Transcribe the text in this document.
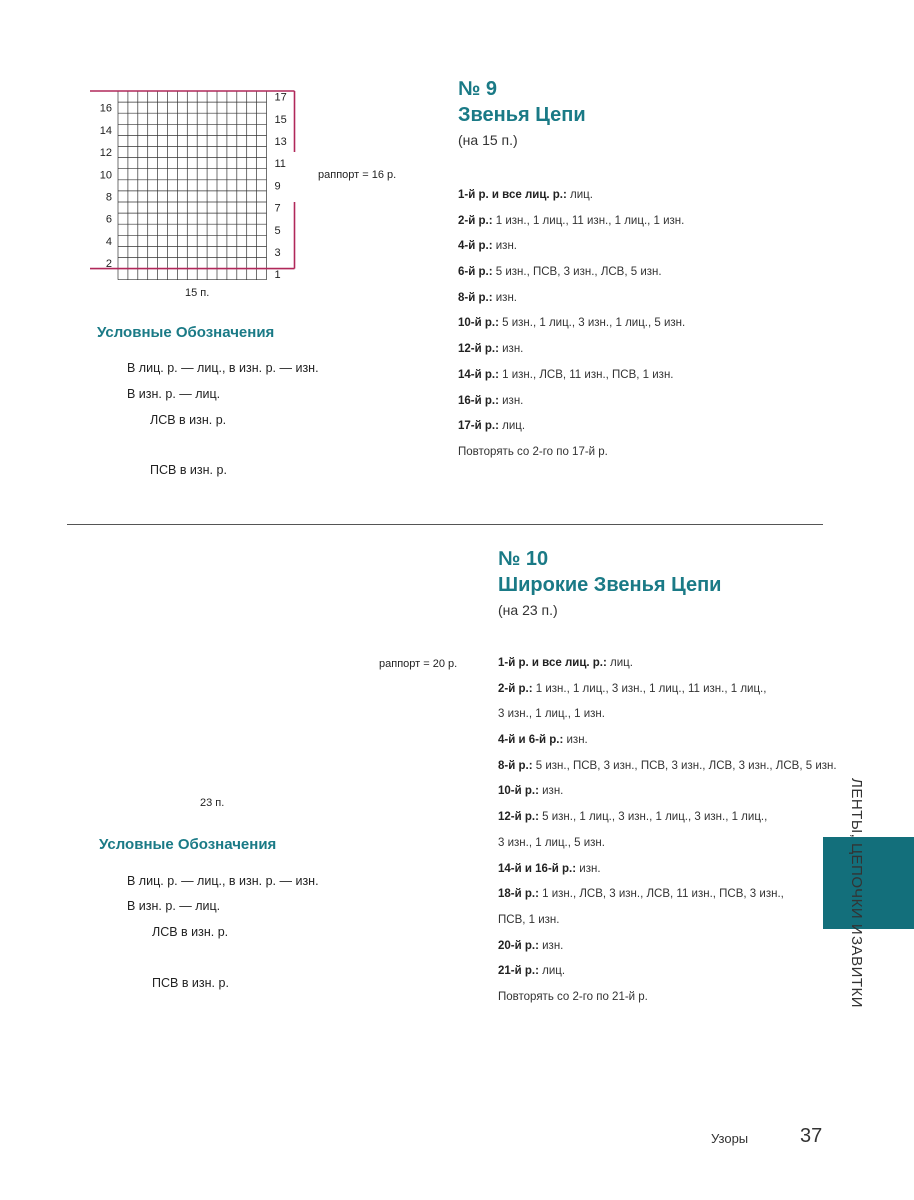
17
15
13
11
9
7
5
3
1
16
14
12
10
8
6
4
2
15 п.
раппорт = 16 р.
№ 9
Звенья Цепи
(на 15 п.)
1-й р. и все лиц. р.: лиц.
2-й р.: 1 изн., 1 лиц., 11 изн., 1 лиц., 1 изн.
4-й р.: изн.
6-й р.: 5 изн., ПСВ, 3 изн., ЛСВ, 5 изн.
8-й р.: изн.
10-й р.: 5 изн., 1 лиц., 3 изн., 1 лиц., 5 изн.
12-й р.: изн.
14-й р.: 1 изн., ЛСВ, 11 изн., ПСВ, 1 изн.
16-й р.: изн.
17-й р.: лиц.
Повторять со 2-го по 17-й р.
Условные Обозначения
В лиц. р. — лиц., в изн. р. — изн.
В изн. р. — лиц.
ЛСВ в изн. р.
ПСВ в изн. р.
23 п.
раппорт = 20 р.
№ 10
Широкие Звенья Цепи
(на 23 п.)
1-й р. и все лиц. р.: лиц.
2-й р.: 1 изн., 1 лиц., 3 изн., 1 лиц., 11 изн., 1 лиц.,
3 изн., 1 лиц., 1 изн.
4-й и 6-й р.: изн.
8-й р.: 5 изн., ПСВ, 3 изн., ПСВ, 3 изн., ЛСВ, 3 изн., ЛСВ, 5 изн.
10-й р.: изн.
12-й р.: 5 изн., 1 лиц., 3 изн., 1 лиц., 3 изн., 1 лиц.,
3 изн., 1 лиц., 5 изн.
14-й и 16-й р.: изн.
18-й р.: 1 изн., ЛСВ, 3 изн., ЛСВ, 11 изн., ПСВ, 3 изн.,
ПСВ, 1 изн.
20-й р.: изн.
21-й р.: лиц.
Повторять со 2-го по 21-й р.
Условные Обозначения
В лиц. р. — лиц., в изн. р. — изн.
В изн. р. — лиц.
ЛСВ в изн. р.
ПСВ в изн. р.
ЛЕНТЫ, ЦЕПОЧКИ И
ЗАВИТКИ
Узоры	37
